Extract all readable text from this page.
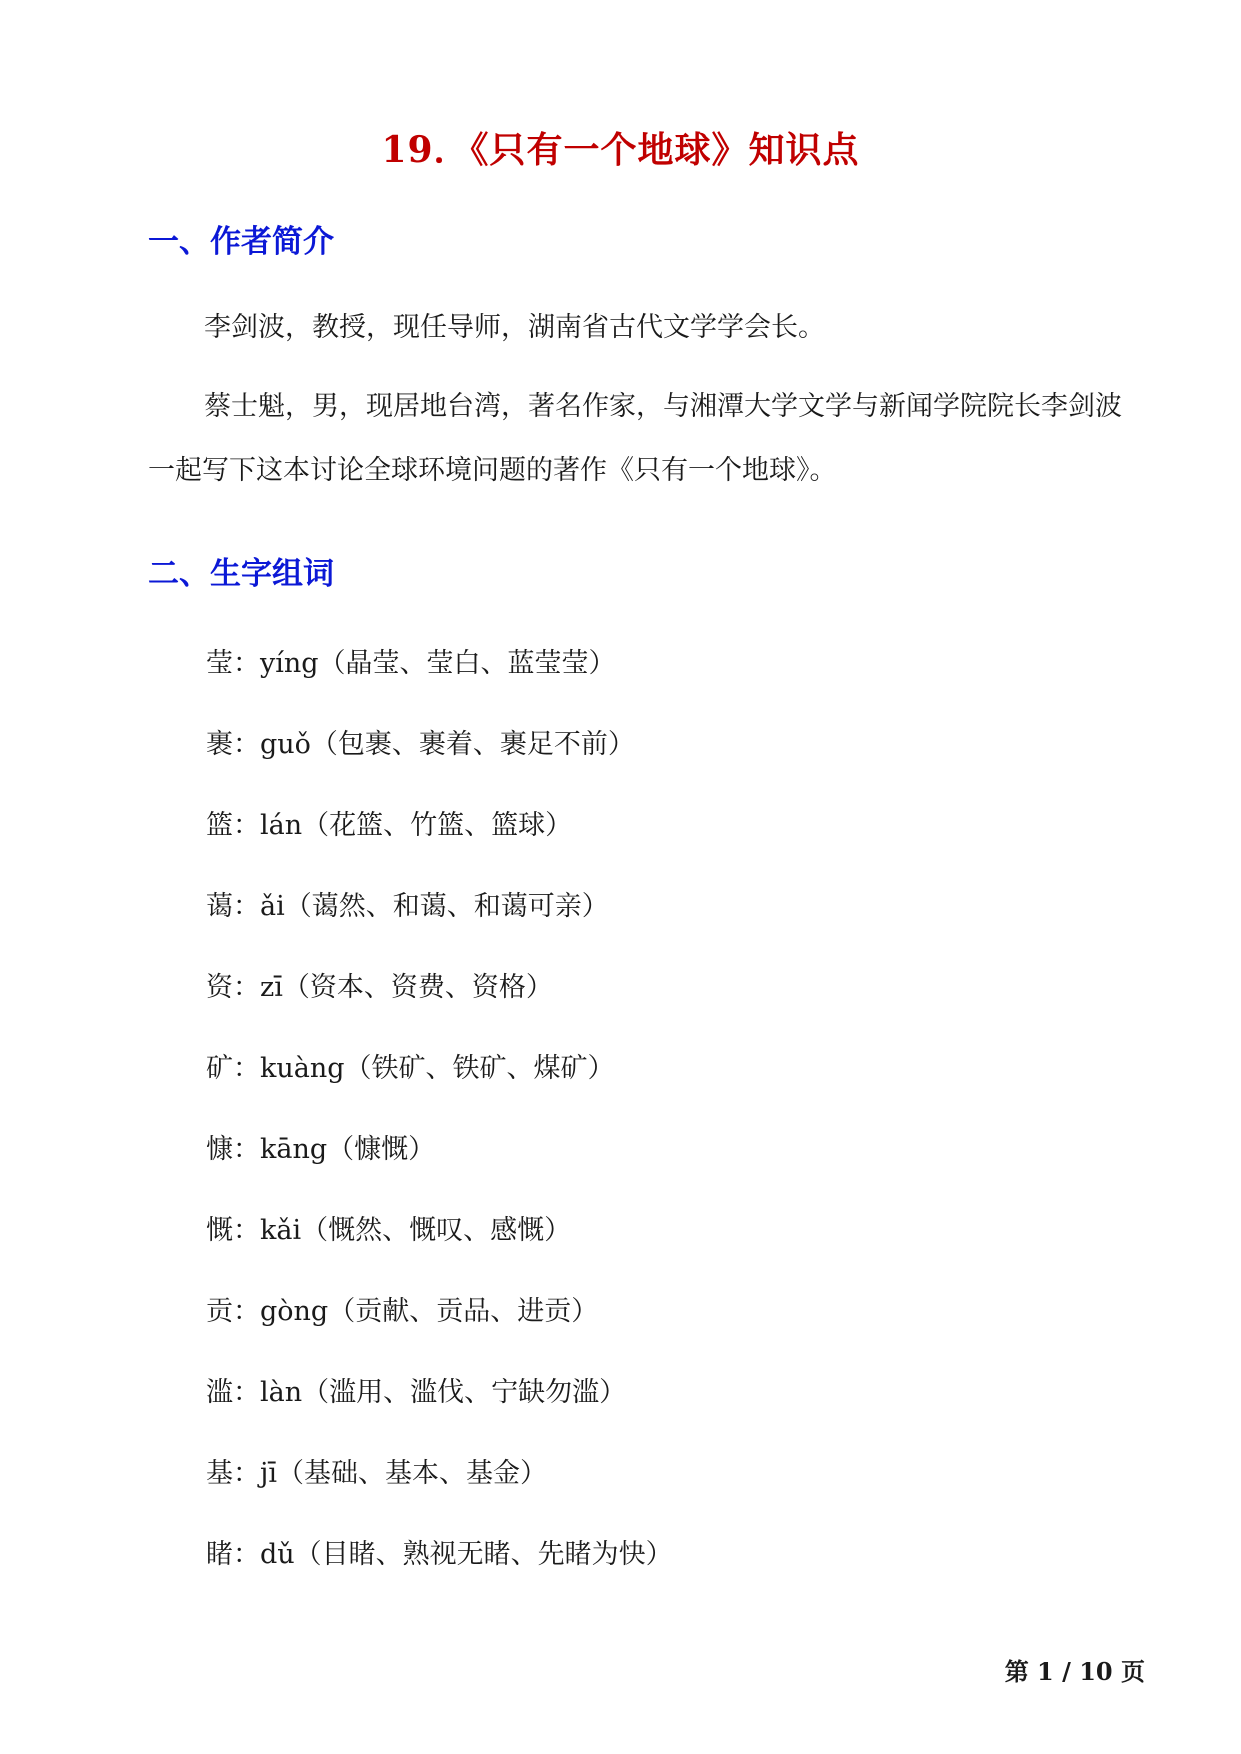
19．《只有一个地球》知识点
一、作者简介

李剑波，教授，现任导师，湖南省古代文学学会长。

蔡士魁，男，现居地台湾，著名作家，与湘潭大学文学与新闻学院院长李剑波一起写下这本讨论全球环境问题的著作《只有一个地球》。

二、生字组词
莹：yíng（晶莹、莹白、蓝莹莹）
裹：guǒ（包裹、裹着、裹足不前）
篮：lán（花篮、竹篮、篮球）
蔼：ǎi（蔼然、和蔼、和蔼可亲）
资：zī（资本、资费、资格）
矿：kuàng（铁矿、铁矿、煤矿）
慷：kāng（慷慨）
慨：kǎi（慨然、慨叹、感慨）
贡：gòng（贡献、贡品、进贡）
滥：làn（滥用、滥伐、宁缺勿滥）
基：jī（基础、基本、基金）
睹：dǔ（目睹、熟视无睹、先睹为快）
第 1 / 10 页
